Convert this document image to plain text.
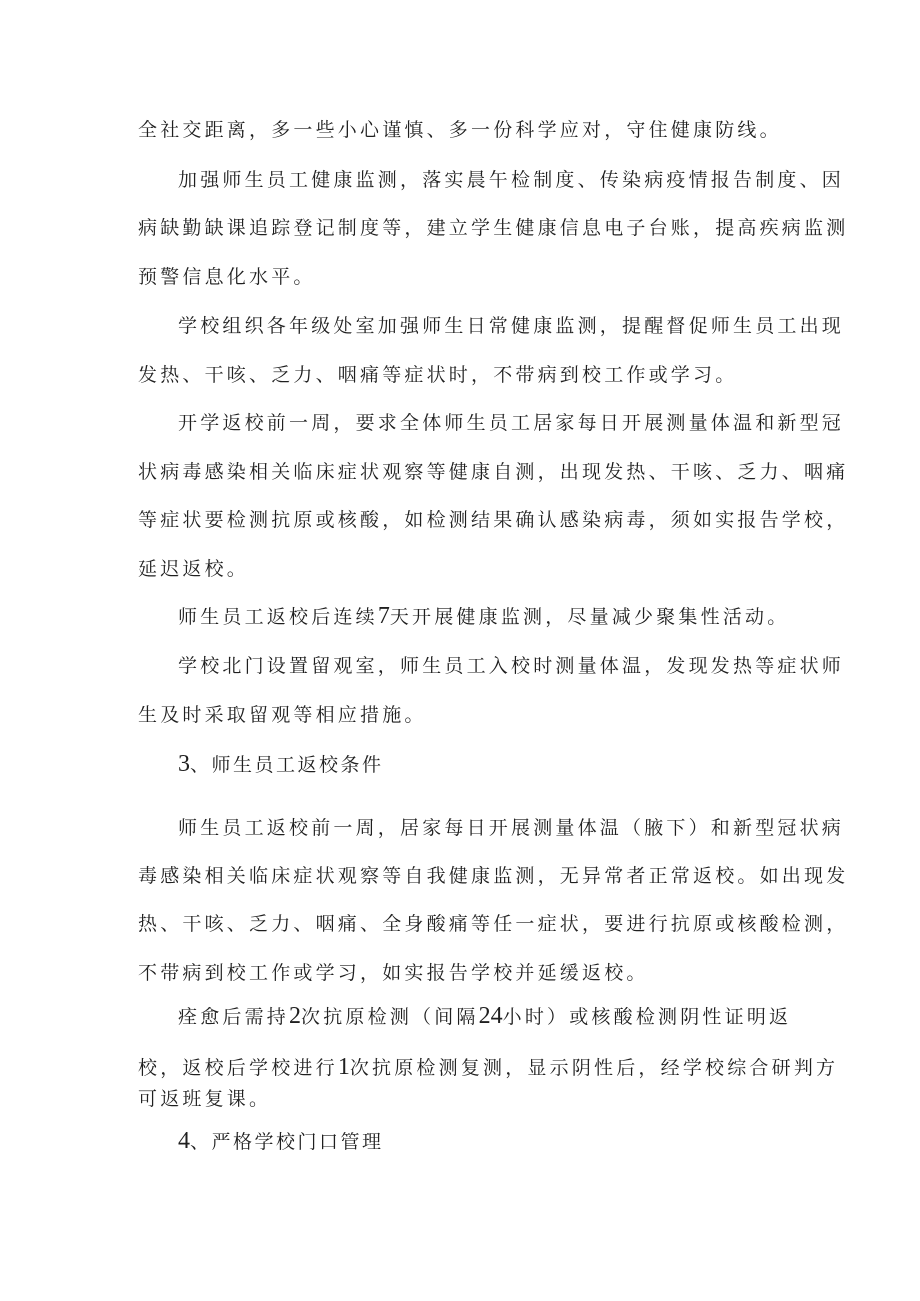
全社交距离，多一些小心谨慎、多一份科学应对，守住健康防线。
加强师生员工健康监测，落实晨午检制度、传染病疫情报告制度、因
病缺勤缺课追踪登记制度等，建立学生健康信息电子台账，提高疾病监测
预警信息化水平。
学校组织各年级处室加强师生日常健康监测，提醒督促师生员工出现
发热、干咳、乏力、咽痛等症状时，不带病到校工作或学习。
开学返校前一周，要求全体师生员工居家每日开展测量体温和新型冠
状病毒感染相关临床症状观察等健康自测，出现发热、干咳、乏力、咽痛
等症状要检测抗原或核酸，如检测结果确认感染病毒，须如实报告学校，
延迟返校。
师生员工返校后连续7天开展健康监测，尽量减少聚集性活动。
学校北门设置留观室，师生员工入校时测量体温，发现发热等症状师
生及时采取留观等相应措施。
3、师生员工返校条件
师生员工返校前一周，居家每日开展测量体温（腋下）和新型冠状病
毒感染相关临床症状观察等自我健康监测，无异常者正常返校。如出现发
热、干咳、乏力、咽痛、全身酸痛等任一症状，要进行抗原或核酸检测，
不带病到校工作或学习，如实报告学校并延缓返校。
痊愈后需持2次抗原检测（间隔24小时）或核酸检测阴性证明返
校，返校后学校进行1次抗原检测复测，显示阴性后，经学校综合研判方
可返班复课。
4、严格学校门口管理
